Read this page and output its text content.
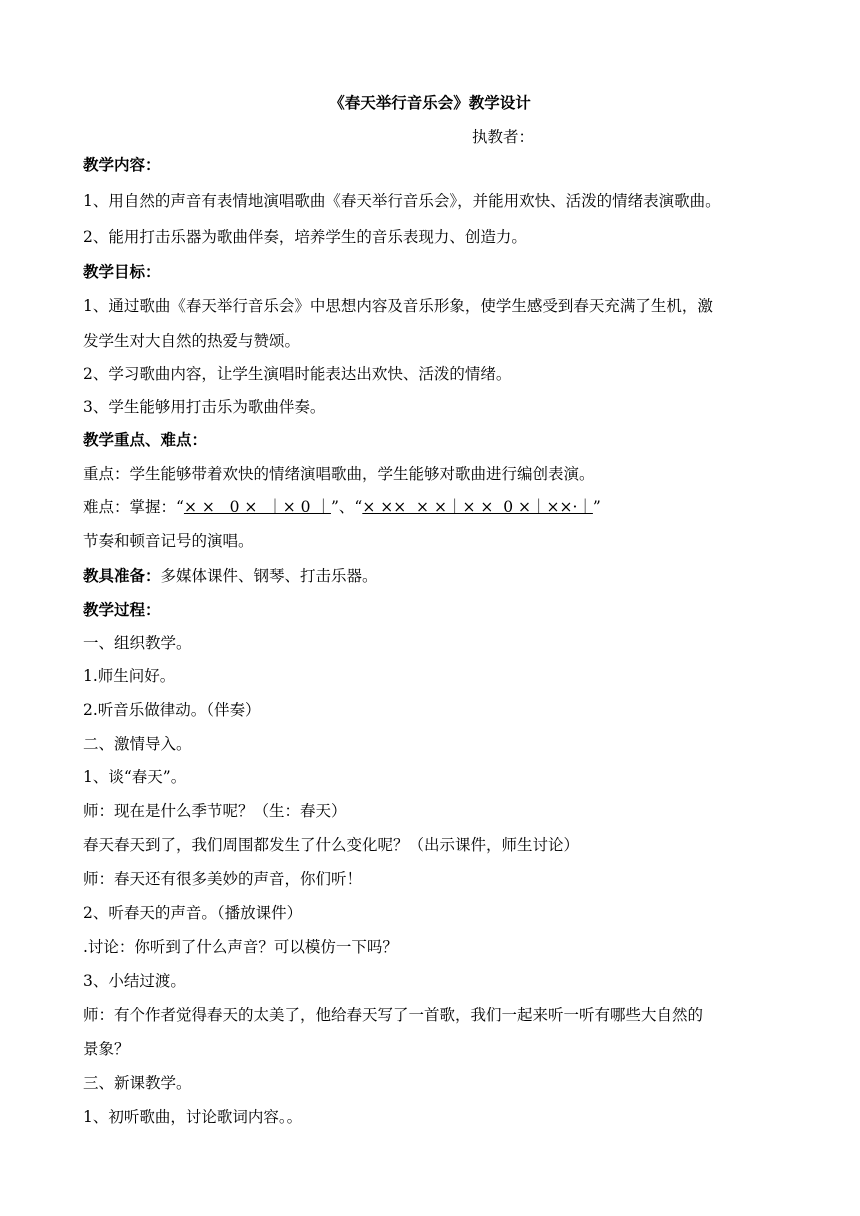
《春天举行音乐会》教学设计
执教者：
教学内容：
1、用自然的声音有表情地演唱歌曲《春天举行音乐会》，并能用欢快、活泼的情绪表演歌曲。
2、能用打击乐器为歌曲伴奏，培养学生的音乐表现力、创造力。
教学目标：
1、通过歌曲《春天举行音乐会》中思想内容及音乐形象，使学生感受到春天充满了生机，激
发学生对大自然的热爱与赞颂。
2、学习歌曲内容，让学生演唱时能表达出欢快、活泼的情绪。
3、学生能够用打击乐为歌曲伴奏。
教学重点、难点：
重点：学生能够带着欢快的情绪演唱歌曲，学生能够对歌曲进行编创表演。
难点：掌握：“× ×   0 ×  ｜× 0 ｜”、“× ××  × ×｜× ×  0 ×｜××·｜”
节奏和顿音记号的演唱。
教具准备：多媒体课件、钢琴、打击乐器。
教学过程：
一、组织教学。
1.师生问好。
2.听音乐做律动。（伴奏）
二、激情导入。
1、谈“春天”。
师：现在是什么季节呢？（生：春天）
春天春天到了，我们周围都发生了什么变化呢？（出示课件，师生讨论）
师：春天还有很多美妙的声音，你们听！
2、听春天的声音。（播放课件）
.讨论：你听到了什么声音？可以模仿一下吗？
3、小结过渡。
师：有个作者觉得春天的太美了，他给春天写了一首歌，我们一起来听一听有哪些大自然的
景象？
三、新课教学。
1、初听歌曲，讨论歌词内容。。
